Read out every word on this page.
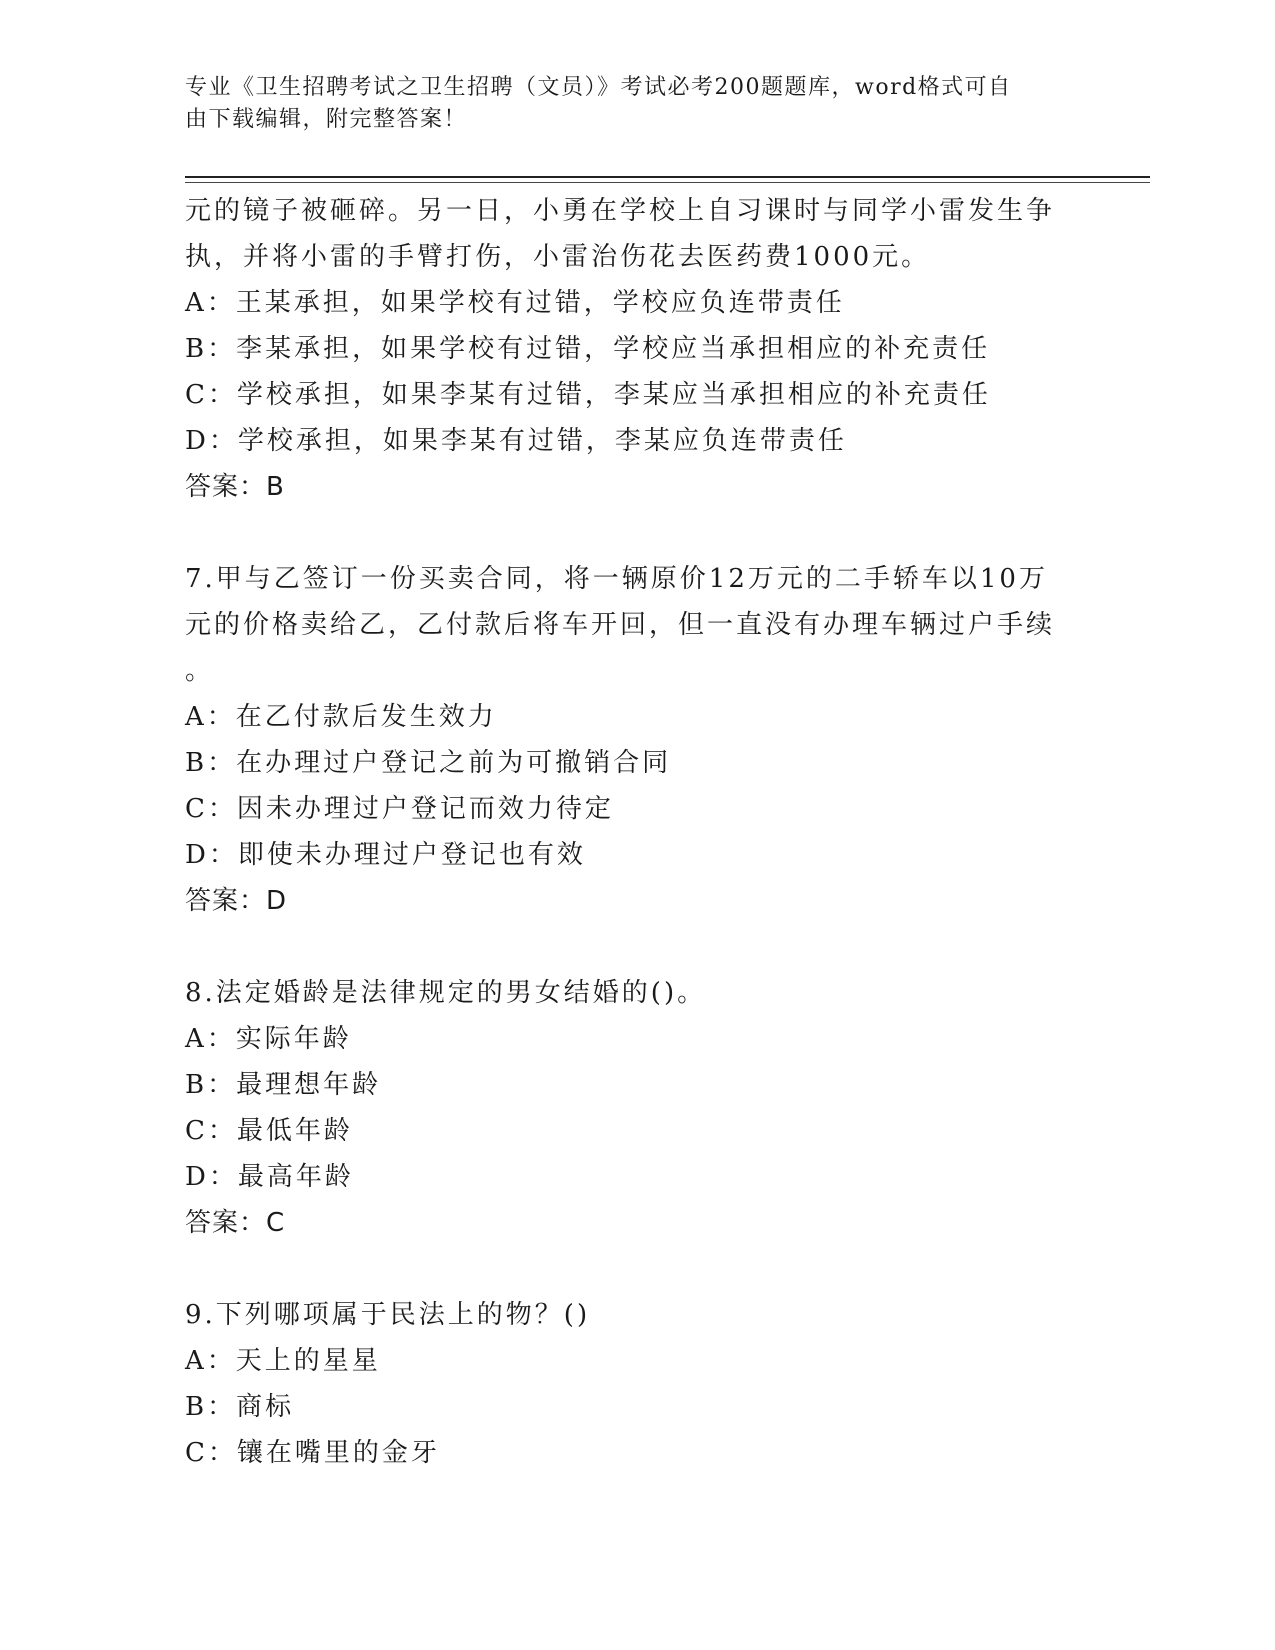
专业《卫生招聘考试之卫生招聘（文员）》考试必考200题题库，word格式可自
由下载编辑，附完整答案！
元的镜子被砸碎。另一日，小勇在学校上自习课时与同学小雷发生争
执，并将小雷的手臂打伤，小雷治伤花去医药费1000元。
A：王某承担，如果学校有过错，学校应负连带责任
B：李某承担，如果学校有过错，学校应当承担相应的补充责任
C：学校承担，如果李某有过错，李某应当承担相应的补充责任
D：学校承担，如果李某有过错，李某应负连带责任
答案：B
7.甲与乙签订一份买卖合同，将一辆原价12万元的二手轿车以10万
元的价格卖给乙，乙付款后将车开回，但一直没有办理车辆过户手续
。
A：在乙付款后发生效力
B：在办理过户登记之前为可撤销合同
C：因未办理过户登记而效力待定
D：即使未办理过户登记也有效
答案：D
8.法定婚龄是法律规定的男女结婚的()。
A：实际年龄
B：最理想年龄
C：最低年龄
D：最高年龄
答案：C
9.下列哪项属于民法上的物？()
A：天上的星星
B：商标
C：镶在嘴里的金牙
